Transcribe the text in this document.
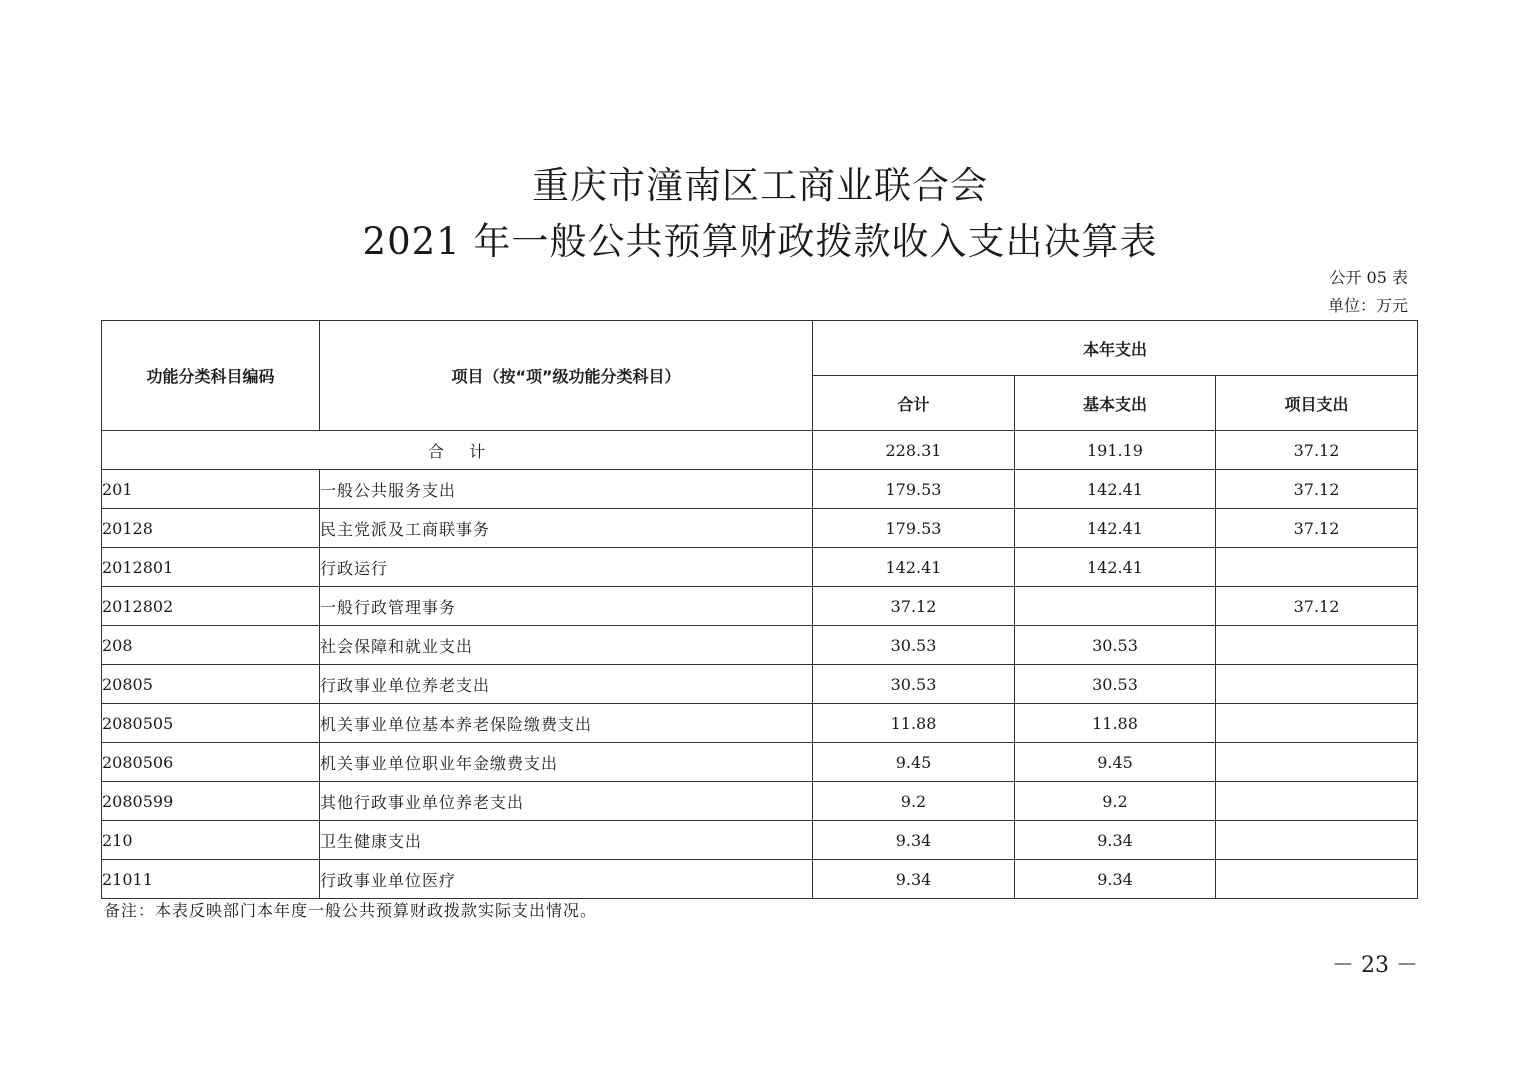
重庆市潼南区工商业联合会
2021 年一般公共预算财政拨款收入支出决算表
公开 05 表
单位：万元
功能分类科目编码	项目（按“项”级功能分类科目）	本年支出		
		合计	基本支出	项目支出
合    计		228.31	191.19	37.12
201	一般公共服务支出	179.53	142.41	37.12
20128	民主党派及工商联事务	179.53	142.41	37.12
2012801	行政运行	142.41	142.41	
2012802	一般行政管理事务	37.12		37.12
208	社会保障和就业支出	30.53	30.53	
20805	行政事业单位养老支出	30.53	30.53	
2080505	机关事业单位基本养老保险缴费支出	11.88	11.88	
2080506	机关事业单位职业年金缴费支出	9.45	9.45	
2080599	其他行政事业单位养老支出	9.2	9.2	
210	卫生健康支出	9.34	9.34	
21011	行政事业单位医疗	9.34	9.34	
备注：本表反映部门本年度一般公共预算财政拨款实际支出情况。
－ 23 －
